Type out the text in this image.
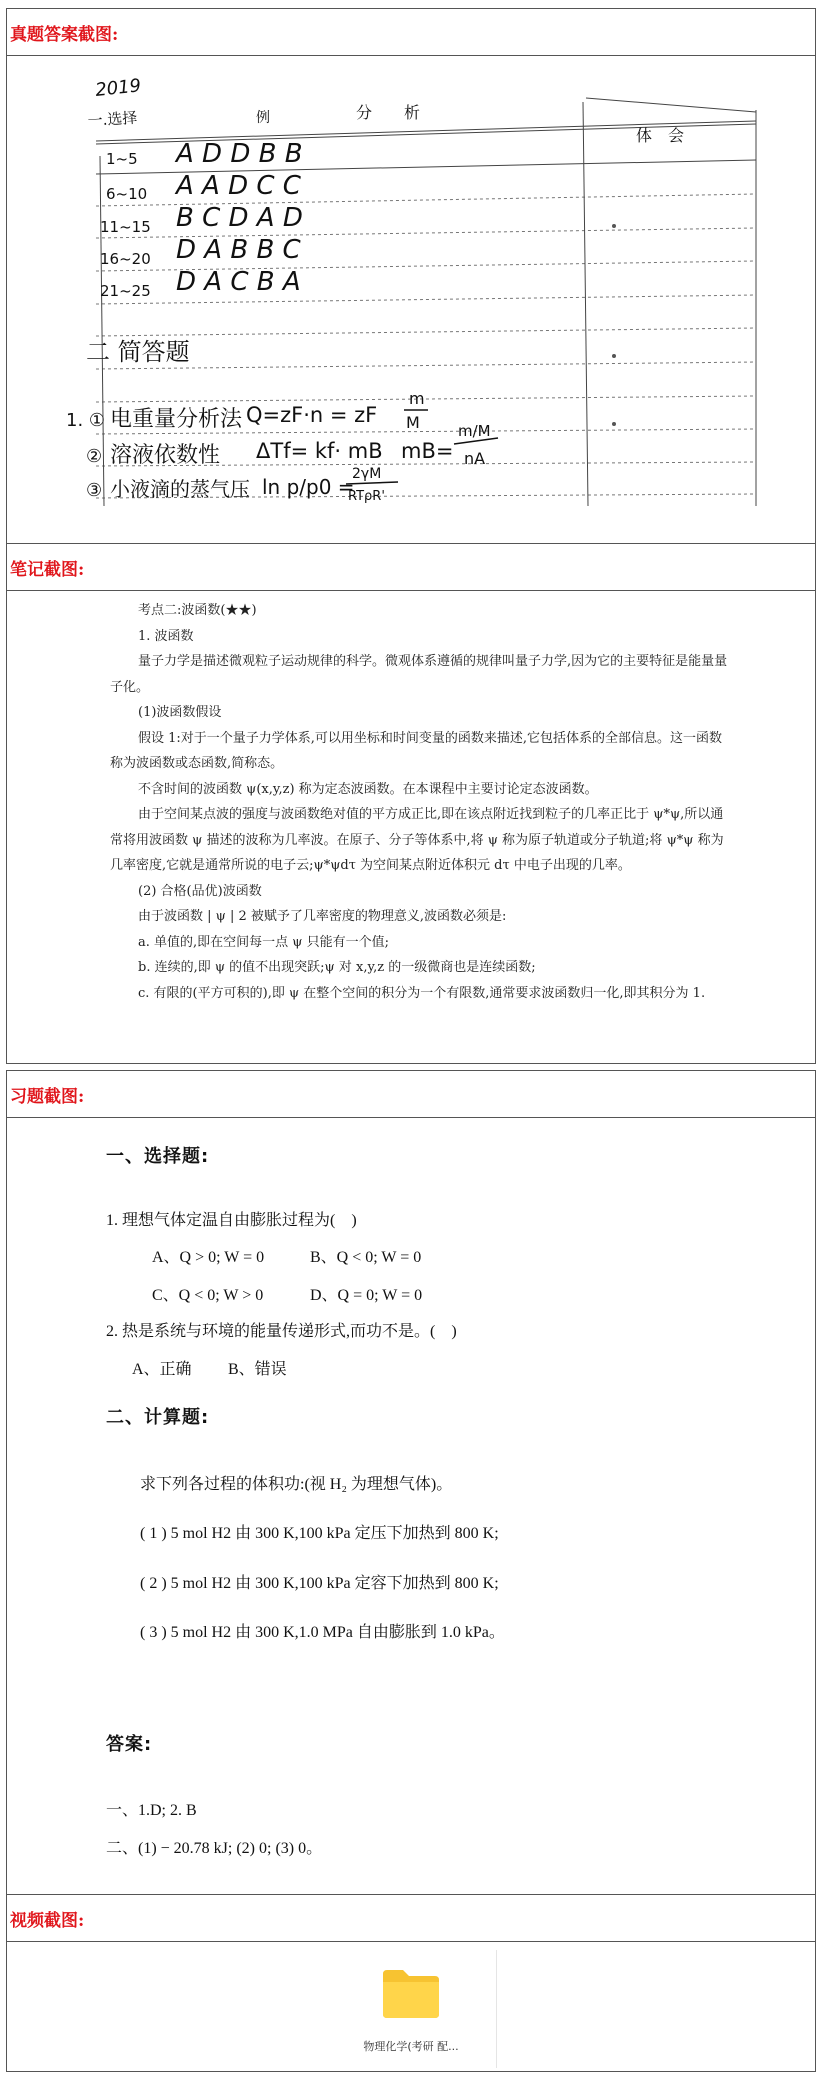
真题答案截图:
2019
一.选择	分　　析
例
体　会
1~5 A D D B B
6~10 A A D C C
11~15 B C D A D
16~20 D A B B C
21~25 D A C B A
二 简答题
1. ① 电重量分析法 Q=zF·n = zF
m
M
② 溶液依数性 ΔTf= kf· mB mB=
m/M
nA
③ 小液滴的蒸气压 ln p/p0 =
2γM
RTρR'
笔记截图:

考点二:波函数(★★)

1. 波函数

量子力学是描述微观粒子运动规律的科学。微观体系遵循的规律叫量子力学,因为它的主要特征是能量量子化。

(1)波函数假设

假设 1:对于一个量子力学体系,可以用坐标和时间变量的函数来描述,它包括体系的全部信息。这一函数称为波函数或态函数,简称态。

不含时间的波函数 ψ(x,y,z) 称为定态波函数。在本课程中主要讨论定态波函数。

由于空间某点波的强度与波函数绝对值的平方成正比,即在该点附近找到粒子的几率正比于 ψ*ψ,所以通常将用波函数 ψ 描述的波称为几率波。在原子、分子等体系中,将 ψ 称为原子轨道或分子轨道;将 ψ*ψ 称为几率密度,它就是通常所说的电子云;ψ*ψdτ 为空间某点附近体积元 dτ 中电子出现的几率。

(2) 合格(品优)波函数

由于波函数 | ψ | 2 被赋予了几率密度的物理意义,波函数必须是:

a. 单值的,即在空间每一点 ψ 只能有一个值;

b. 连续的,即 ψ 的值不出现突跃;ψ 对 x,y,z 的一级微商也是连续函数;

c. 有限的(平方可积的),即 ψ 在整个空间的积分为一个有限数,通常要求波函数归一化,即其积分为 1.

习题截图:
一、选择题:
1. 理想气体定温自由膨胀过程为(　)
A、Q > 0; W = 0	B、Q < 0; W = 0
C、Q < 0; W > 0	D、Q = 0; W = 0
2. 热是系统与环境的能量传递形式,而功不是。(　)
A、正确 B、错误
二、计算题:
求下列各过程的体积功:(视 H₂ 为理想气体)。
( 1 ) 5 mol H2 由 300 K,100 kPa 定压下加热到 800 K;
( 2 ) 5 mol H2 由 300 K,100 kPa 定容下加热到 800 K;
( 3 ) 5 mol H2 由 300 K,1.0 MPa 自由膨胀到 1.0 kPa。
答案:
一、1.D; 2. B
二、(1) − 20.78 kJ; (2) 0; (3) 0。
视频截图:
物理化学(考研 配...
